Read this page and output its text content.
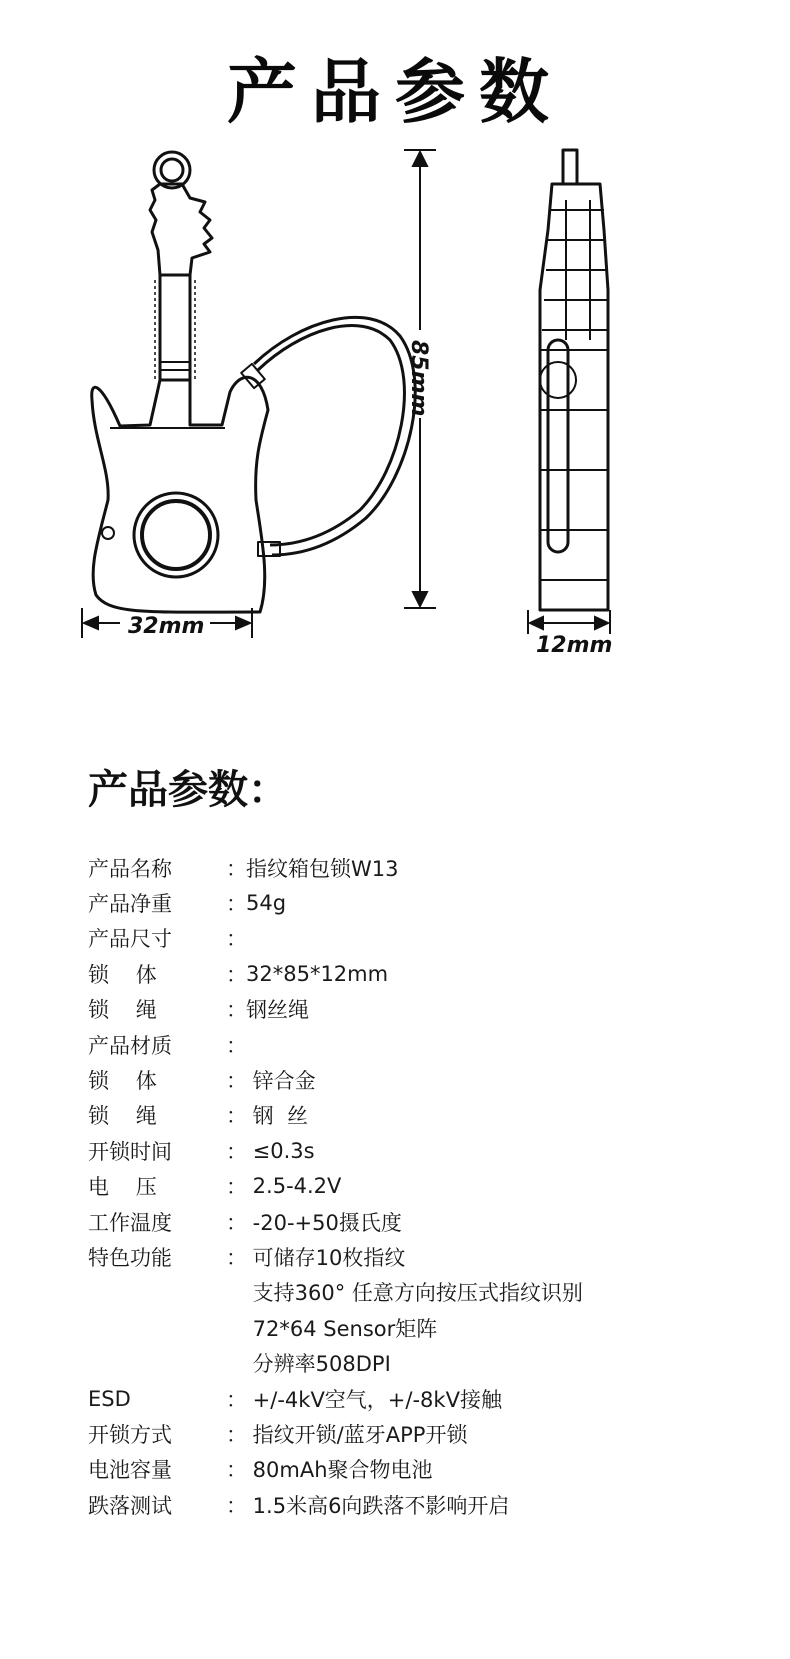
产品参数
85mm
32mm
12mm
产品参数：
产品名称	： 指纹箱包锁W13
产品净重	： 54g
产品尺寸	：
锁    体	： 32*85*12mm
锁    绳	： 钢丝绳
产品材质	：
锁    体	： 锌合金
锁    绳	： 钢  丝
开锁时间	： ≤0.3s
电    压	： 2.5-4.2V
工作温度	： -20-+50摄氏度
特色功能	： 可储存10枚指纹
支持360° 任意方向按压式指纹识别
72*64 Sensor矩阵
分辨率508DPI
ESD	： +/-4kV空气，+/-8kV接触
开锁方式	： 指纹开锁/蓝牙APP开锁
电池容量	： 80mAh聚合物电池
跌落测试	： 1.5米高6向跌落不影响开启
